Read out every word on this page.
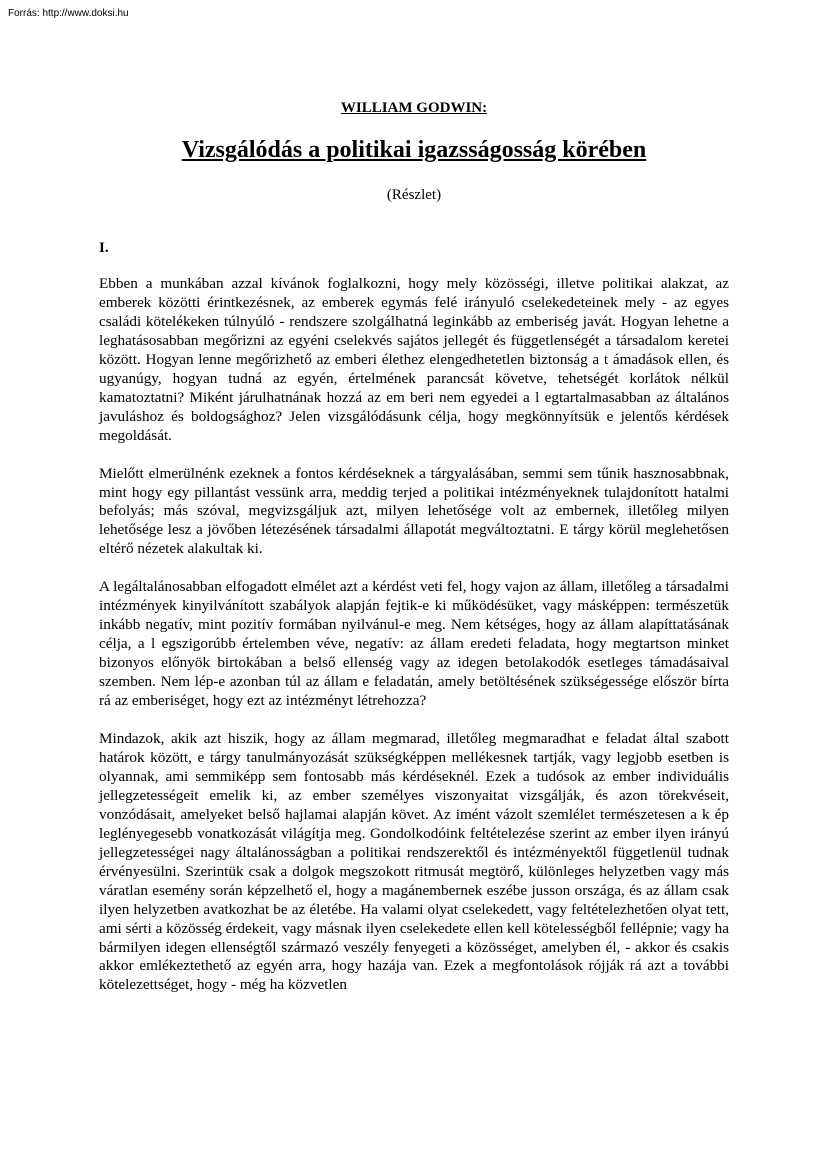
Forrás: http://www.doksi.hu
WILLIAM GODWIN:
Vizsgálódás a politikai igazsságosság körében
(Részlet)
I.

Ebben a munkában azzal kívánok foglalkozni, hogy mely közösségi, illetve politikai alakzat, az emberek közötti érintkezésnek, az emberek egymás felé irányuló cselekedeteinek mely - az egyes családi kötelékeken túlnyúló - rendszere szolgálhatná leginkább az emberiség javát. Hogyan lehetne a leghatásosabban megőrizni az egyéni cselekvés sajátos jellegét és függetlenségét a társadalom keretei között. Hogyan lenne megőrizhető az emberi élethez elengedhetetlen biztonság a t ámadások ellen, és ugyanúgy, hogyan tudná az egyén, értelmének parancsát követve, tehetségét korlátok nélkül kamatoztatni? Miként járulhatnának hozzá az em beri nem egyedei a l egtartalmasabban az általános javuláshoz és boldogsághoz? Jelen vizsgálódásunk célja, hogy megkönnyítsük e jelentős kérdések megoldását.

Mielőtt elmerülnénk ezeknek a fontos kérdéseknek a tárgyalásában, semmi sem tűnik hasznosabbnak, mint hogy egy pillantást vessünk arra, meddig terjed a politikai intézményeknek tulajdonított hatalmi befolyás; más szóval, megvizsgáljuk azt, milyen lehetősége volt az embernek, illetőleg milyen lehetősége lesz a jövőben létezésének társadalmi állapotát megváltoztatni. E tárgy körül meglehetősen eltérő nézetek alakultak ki.

A legáltalánosabban elfogadott elmélet azt a kérdést veti fel, hogy vajon az állam, illetőleg a társadalmi intézmények kinyilvánított szabályok alapján fejtik-e ki működésüket, vagy másképpen: természetük inkább negatív, mint pozitív formában nyilvánul-e meg. Nem kétséges, hogy az állam alapíttatásának célja, a l egszigorúbb értelemben véve, negatív: az állam eredeti feladata, hogy megtartson minket bizonyos előnyök birtokában a belső ellenség vagy az idegen betolakodók esetleges támadásaival szemben. Nem lép-e azonban túl az állam e feladatán, amely betöltésének szükségessége először bírta rá az emberiséget, hogy ezt az intézményt létrehozza?

Mindazok, akik azt hiszik, hogy az állam megmarad, illetőleg megmaradhat e feladat által szabott határok között, e tárgy tanulmányozását szükségképpen mellékesnek tartják, vagy legjobb esetben is olyannak, ami semmiképp sem fontosabb más kérdéseknél. Ezek a tudósok az ember individuális jellegzetességeit emelik ki, az ember személyes viszonyaitat vizsgálják, és azon törekvéseit, vonzódásait, amelyeket belső hajlamai alapján követ. Az imént vázolt szemlélet természetesen a k ép leglényegesebb vonatkozását világítja meg. Gondolkodóink feltételezése szerint az ember ilyen irányú jellegzetességei nagy általánosságban a politikai rendszerektől és intézményektől függetlenül tudnak érvényesülni. Szerintük csak a dolgok megszokott ritmusát megtörő, különleges helyzetben vagy más váratlan esemény során képzelhető el, hogy a magánembernek eszébe jusson országa, és az állam csak ilyen helyzetben avatkozhat be az életébe. Ha valami olyat cselekedett, vagy feltételezhetően olyat tett, ami sérti a közösség érdekeit, vagy másnak ilyen cselekedete ellen kell kötelességből fellépnie; vagy ha bármilyen idegen ellenségtől származó veszély fenyegeti a közösséget, amelyben él, - akkor és csakis akkor emlékeztethető az egyén arra, hogy hazája van. Ezek a megfontolások rójják rá azt a további kötelezettséget, hogy - még ha közvetlen
